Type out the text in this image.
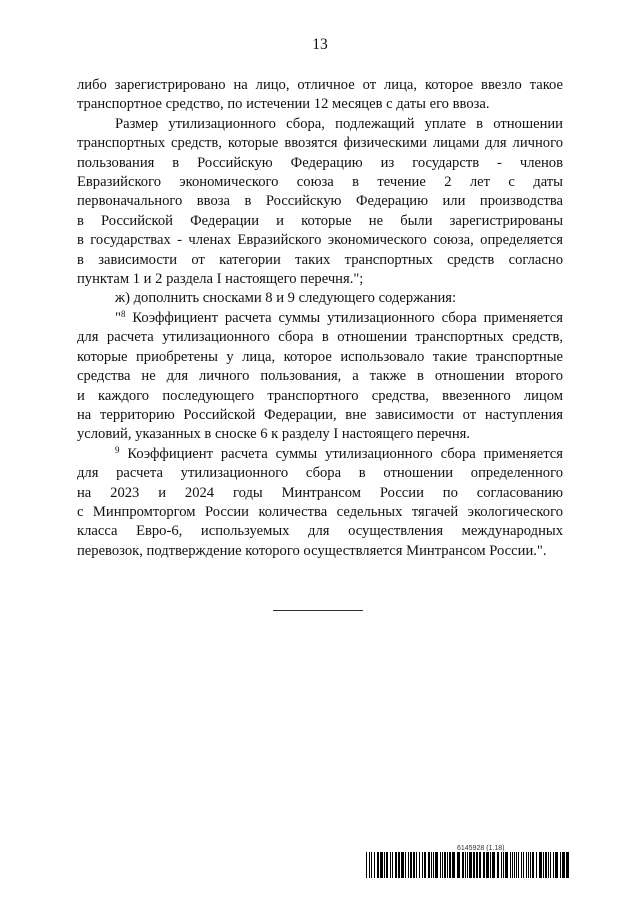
13
либо зарегистрировано на лицо, отличное от лица, которое ввезло такое
транспортное средство, по истечении 12 месяцев с даты его ввоза.
Размер утилизационного сбора, подлежащий уплате в отношении
транспортных средств, которые ввозятся физическими лицами для личного
пользования в Российскую Федерацию из государств - членов
Евразийского экономического союза в течение 2 лет с даты
первоначального ввоза в Российскую Федерацию или производства
в Российской Федерации и которые не были зарегистрированы
в государствах - членах Евразийского экономического союза, определяется
в зависимости от категории таких транспортных средств согласно
пунктам 1 и 2 раздела I настоящего перечня.";
ж) дополнить сносками 8 и 9 следующего содержания:
"$^8$ Коэффициент расчета суммы утилизационного сбора применяется
для расчета утилизационного сбора в отношении транспортных средств,
которые приобретены у лица, которое использовало такие транспортные
средства не для личного пользования, а также в отношении второго
и каждого последующего транспортного средства, ввезенного лицом
на территорию Российской Федерации, вне зависимости от наступления
условий, указанных в сноске 6 к разделу I настоящего перечня.
$^9$ Коэффициент расчета суммы утилизационного сбора применяется
для расчета утилизационного сбора в отношении определенного
на 2023 и 2024 годы Минтрансом России по согласованию
с Минпромторгом России количества седельных тягачей экологического
класса Евро-6, используемых для осуществления международных
перевозок, подтверждение которого осуществляется Минтрансом России.".
6145928 (1.18)
